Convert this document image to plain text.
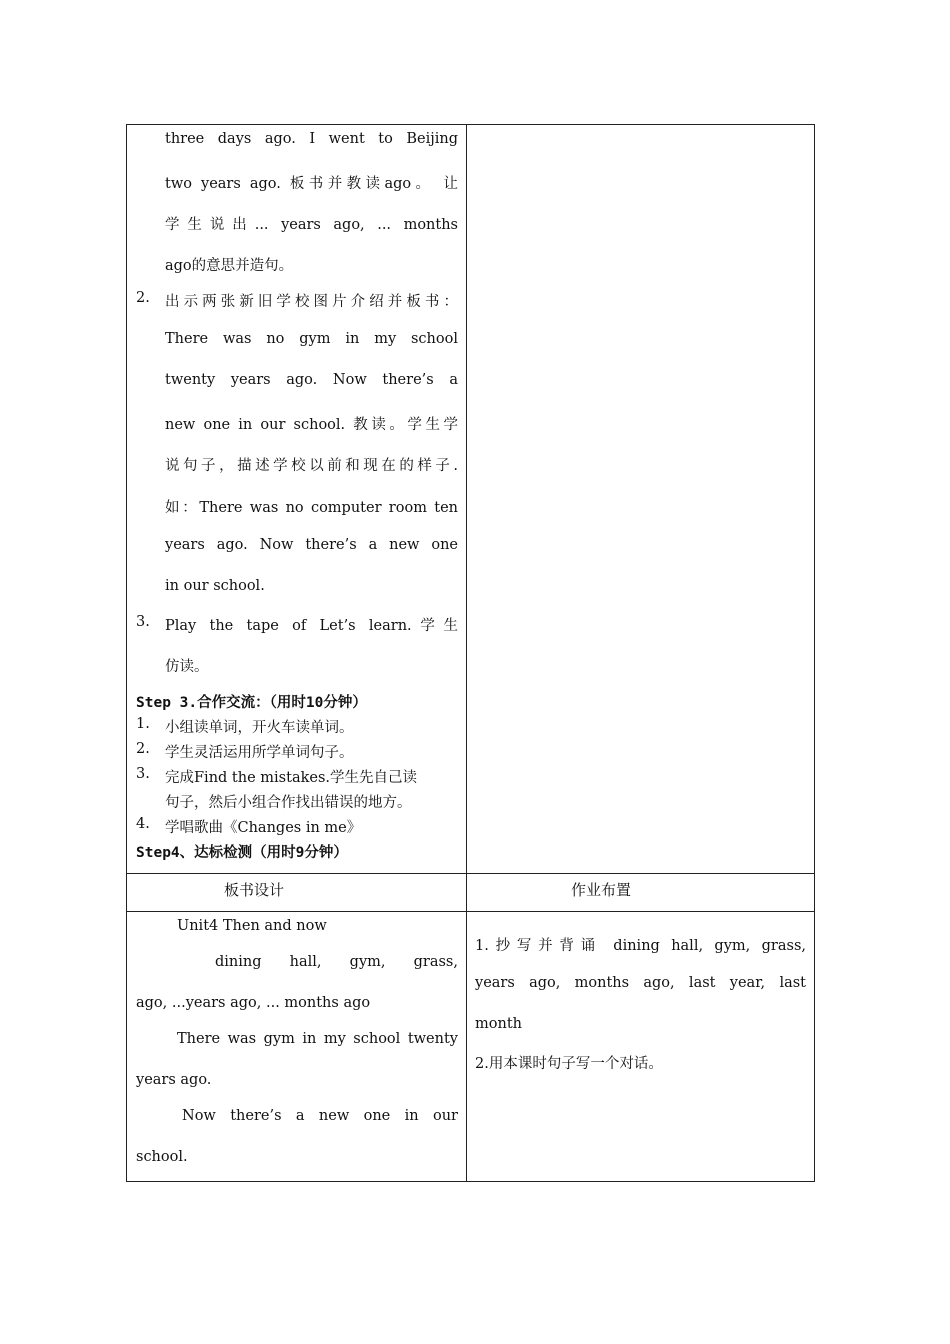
three days ago. I went to Beijing
two years ago. 板书并教读ago。 让
学生说出... years ago, ... months
ago的意思并造句。
2. 出示两张新旧学校图片介绍并板书：
There was no gym in my school
twenty years ago. Now there’s a
new one in our school. 教读。学生学
说句子，描述学校以前和现在的样子.
如：There was no computer room ten
years ago. Now there’s a new one
in our school.
3. Play the tape of Let’s learn.学生
仿读。
Step 3.合作交流：（用时10分钟）
1. 小组读单词，开火车读单词。
2. 学生灵活运用所学单词句子。
3. 完成Find the mistakes.学生先自己读
句子，然后小组合作找出错误的地方。
4. 学唱歌曲《Changes in me》
Step4、达标检测（用时9分钟）
板书设计	作业布置
Unit4 Then and now
dining hall, gym, grass,
ago, ...years ago, ... months ago
There was gym in my school twenty
years ago.
Now there’s a new one in our
school.
1.抄写并背诵 dining hall, gym, grass,
years ago, months ago, last year, last
month
2.用本课时句子写一个对话。
